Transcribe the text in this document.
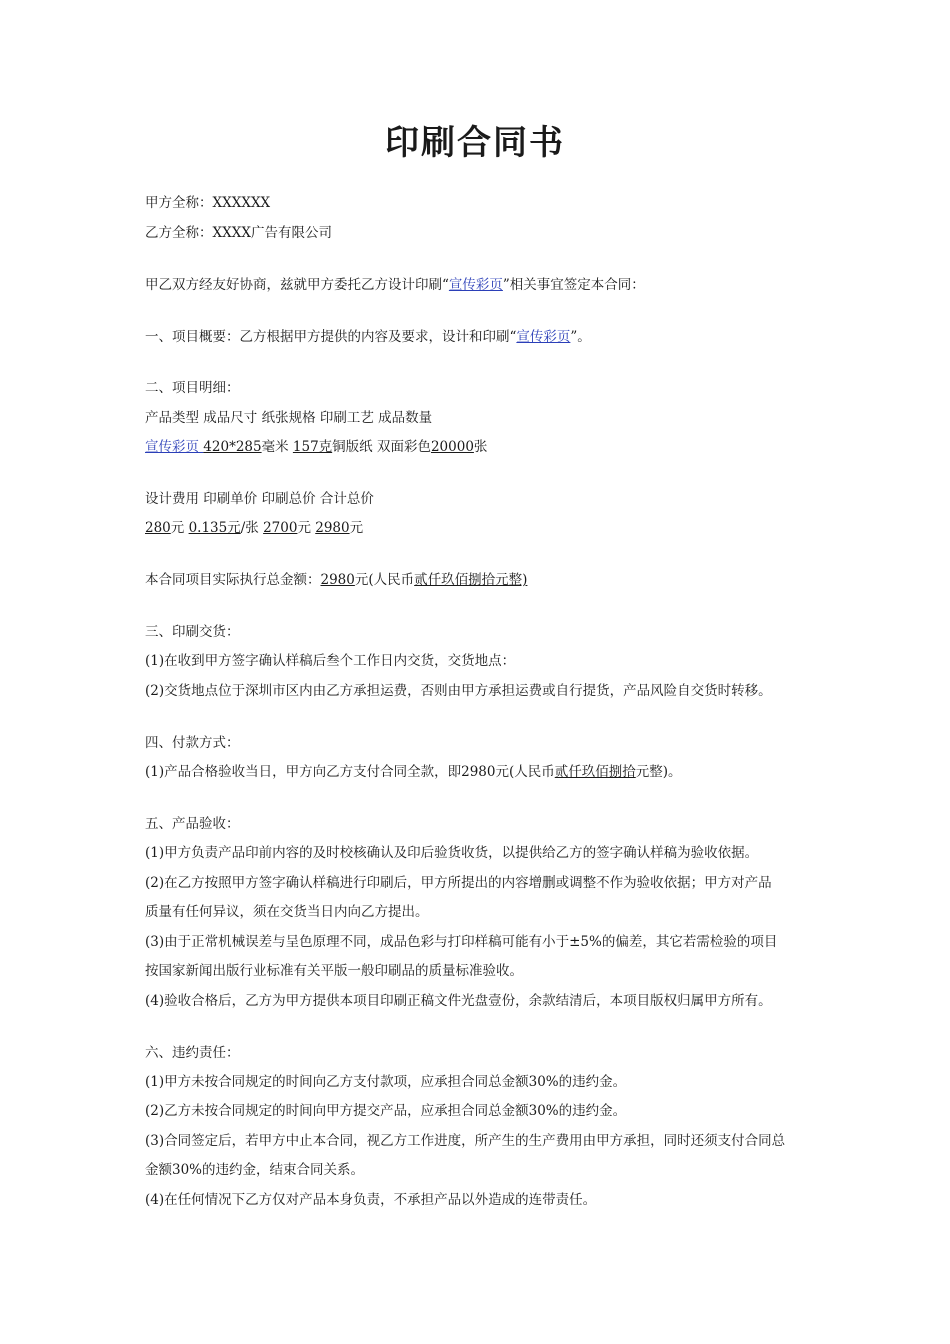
印刷合同书
甲方全称：XXXXXX
乙方全称：XXXX广告有限公司
甲乙双方经友好协商，兹就甲方委托乙方设计印刷“宣传彩页”相关事宜签定本合同：
一、项目概要：乙方根据甲方提供的内容及要求，设计和印刷“宣传彩页”。
二、项目明细：
产品类型 成品尺寸 纸张规格 印刷工艺 成品数量
宣传彩页 420*285毫米 157克铜版纸 双面彩色20000张
设计费用 印刷单价 印刷总价 合计总价
280元 0.135元/张 2700元 2980元
本合同项目实际执行总金额：2980元(人民币贰仟玖佰捌拾元整)
三、印刷交货：
(1)在收到甲方签字确认样稿后叁个工作日内交货，交货地点：
(2)交货地点位于深圳市区内由乙方承担运费，否则由甲方承担运费或自行提货，产品风险自交货时转移。
四、付款方式：
(1)产品合格验收当日，甲方向乙方支付合同全款，即2980元(人民币贰仟玖佰捌拾元整)。
五、产品验收：
(1)甲方负责产品印前内容的及时校核确认及印后验货收货，以提供给乙方的签字确认样稿为验收依据。
(2)在乙方按照甲方签字确认样稿进行印刷后，甲方所提出的内容增删或调整不作为验收依据；甲方对产品
质量有任何异议，须在交货当日内向乙方提出。
(3)由于正常机械误差与呈色原理不同，成品色彩与打印样稿可能有小于±5%的偏差，其它若需检验的项目
按国家新闻出版行业标准有关平版一般印刷品的质量标准验收。
(4)验收合格后，乙方为甲方提供本项目印刷正稿文件光盘壹份，余款结清后，本项目版权归属甲方所有。
六、违约责任：
(1)甲方未按合同规定的时间向乙方支付款项，应承担合同总金额30%的违约金。
(2)乙方未按合同规定的时间向甲方提交产品，应承担合同总金额30%的违约金。
(3)合同签定后，若甲方中止本合同，视乙方工作进度，所产生的生产费用由甲方承担，同时还须支付合同总
金额30%的违约金，结束合同关系。
(4)在任何情况下乙方仅对产品本身负责，不承担产品以外造成的连带责任。
